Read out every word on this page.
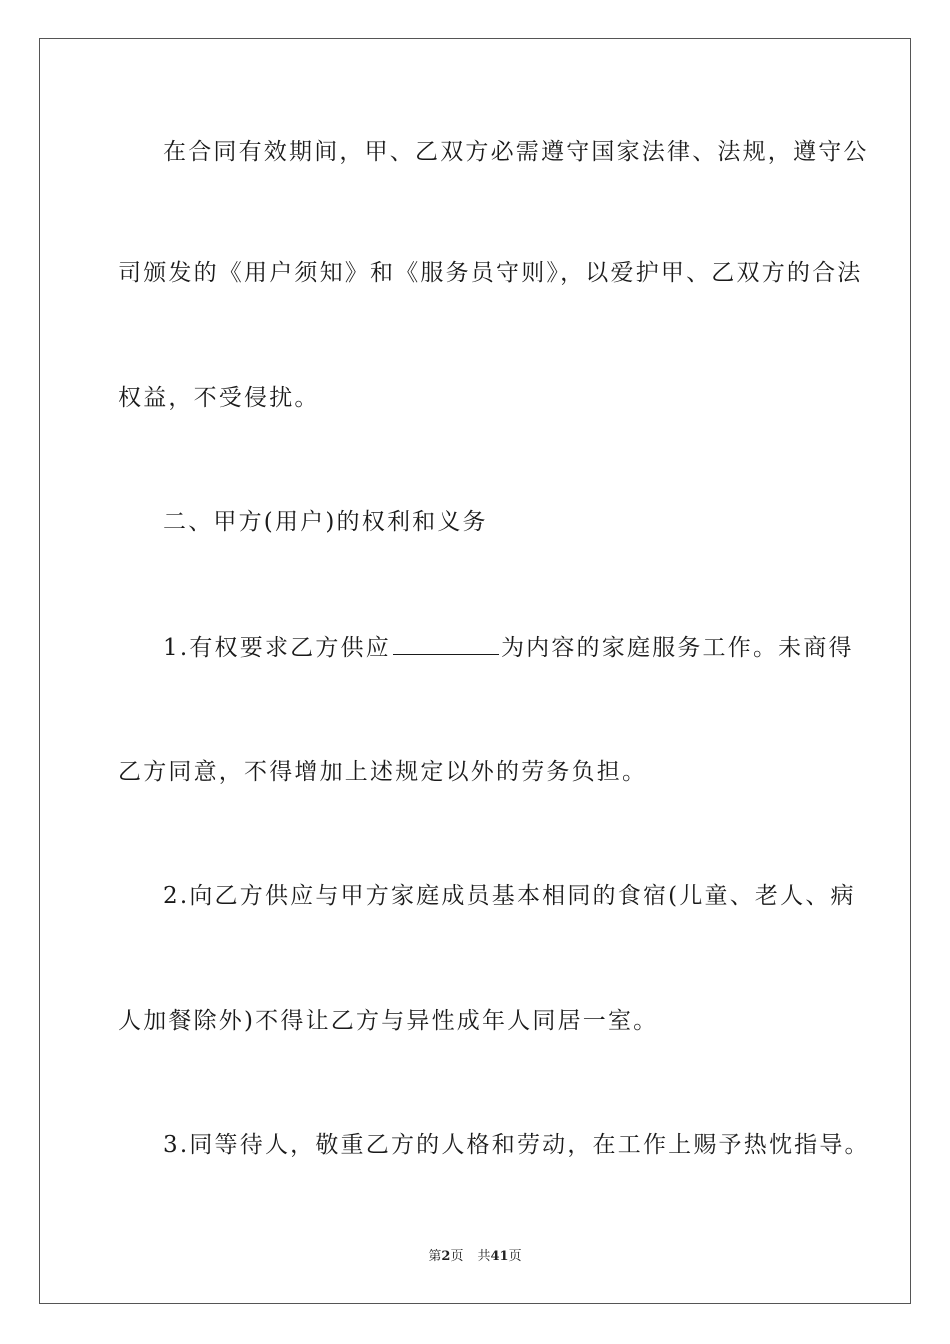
在合同有效期间，甲、乙双方必需遵守国家法律、法规，遵守公
司颁发的《用户须知》和《服务员守则》，以爱护甲、乙双方的合法
权益，不受侵扰。
二、甲方(用户)的权利和义务
1.有权要求乙方供应	为内容的家庭服务工作。未商得
乙方同意，不得增加上述规定以外的劳务负担。
2.向乙方供应与甲方家庭成员基本相同的食宿(儿童、老人、病
人加餐除外)不得让乙方与异性成年人同居一室。
3.同等待人，敬重乙方的人格和劳动，在工作上赐予热忱指导。
第2页 共41页
